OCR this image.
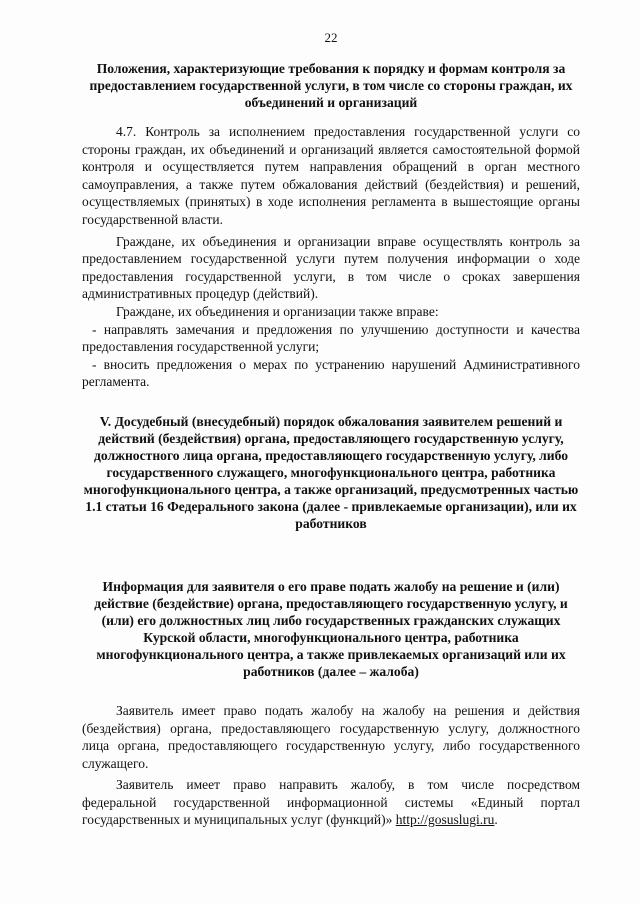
22
Положения, характеризующие требования к порядку и формам контроля за предоставлением государственной услуги, в том числе со стороны граждан, их объединений и организаций

4.7. Контроль за исполнением предоставления государственной услуги со стороны граждан, их объединений и организаций является самостоятельной формой контроля и осуществляется путем направления обращений в орган местного самоуправления, а также путем обжалования действий (бездействия) и решений, осуществляемых (принятых) в ходе исполнения регламента в вышестоящие органы государственной власти.

Граждане, их объединения и организации вправе осуществлять контроль за предоставлением государственной услуги путем получения информации о ходе предоставления государственной услуги, в том числе о сроках завершения административных процедур (действий).

Граждане, их объединения и организации также вправе:

- направлять замечания и предложения по улучшению доступности и качества предоставления государственной услуги;

- вносить предложения о мерах по устранению нарушений Административного регламента.

V. Досудебный (внесудебный) порядок обжалования заявителем решений и действий (бездействия) органа, предоставляющего государственную услугу, должностного лица органа, предоставляющего государственную услугу, либо государственного служащего, многофункционального центра, работника многофункционального центра, а также организаций, предусмотренных частью 1.1 статьи 16 Федерального закона (далее - привлекаемые организации), или их работников
Информация для заявителя о его праве подать жалобу на решение и (или) действие (бездействие) органа, предоставляющего государственную услугу, и (или) его должностных лиц либо государственных гражданских служащих Курской области, многофункционального центра, работника многофункционального центра, а также привлекаемых организаций или их работников (далее – жалоба)

Заявитель имеет право подать жалобу на жалобу на решения и действия (бездействия) органа, предоставляющего государственную услугу, должностного лица органа, предоставляющего государственную услугу, либо государственного служащего.

Заявитель имеет право направить жалобу, в том числе посредством федеральной государственной информационной системы «Единый портал государственных и муниципальных услуг (функций)» http://gosuslugi.ru.
